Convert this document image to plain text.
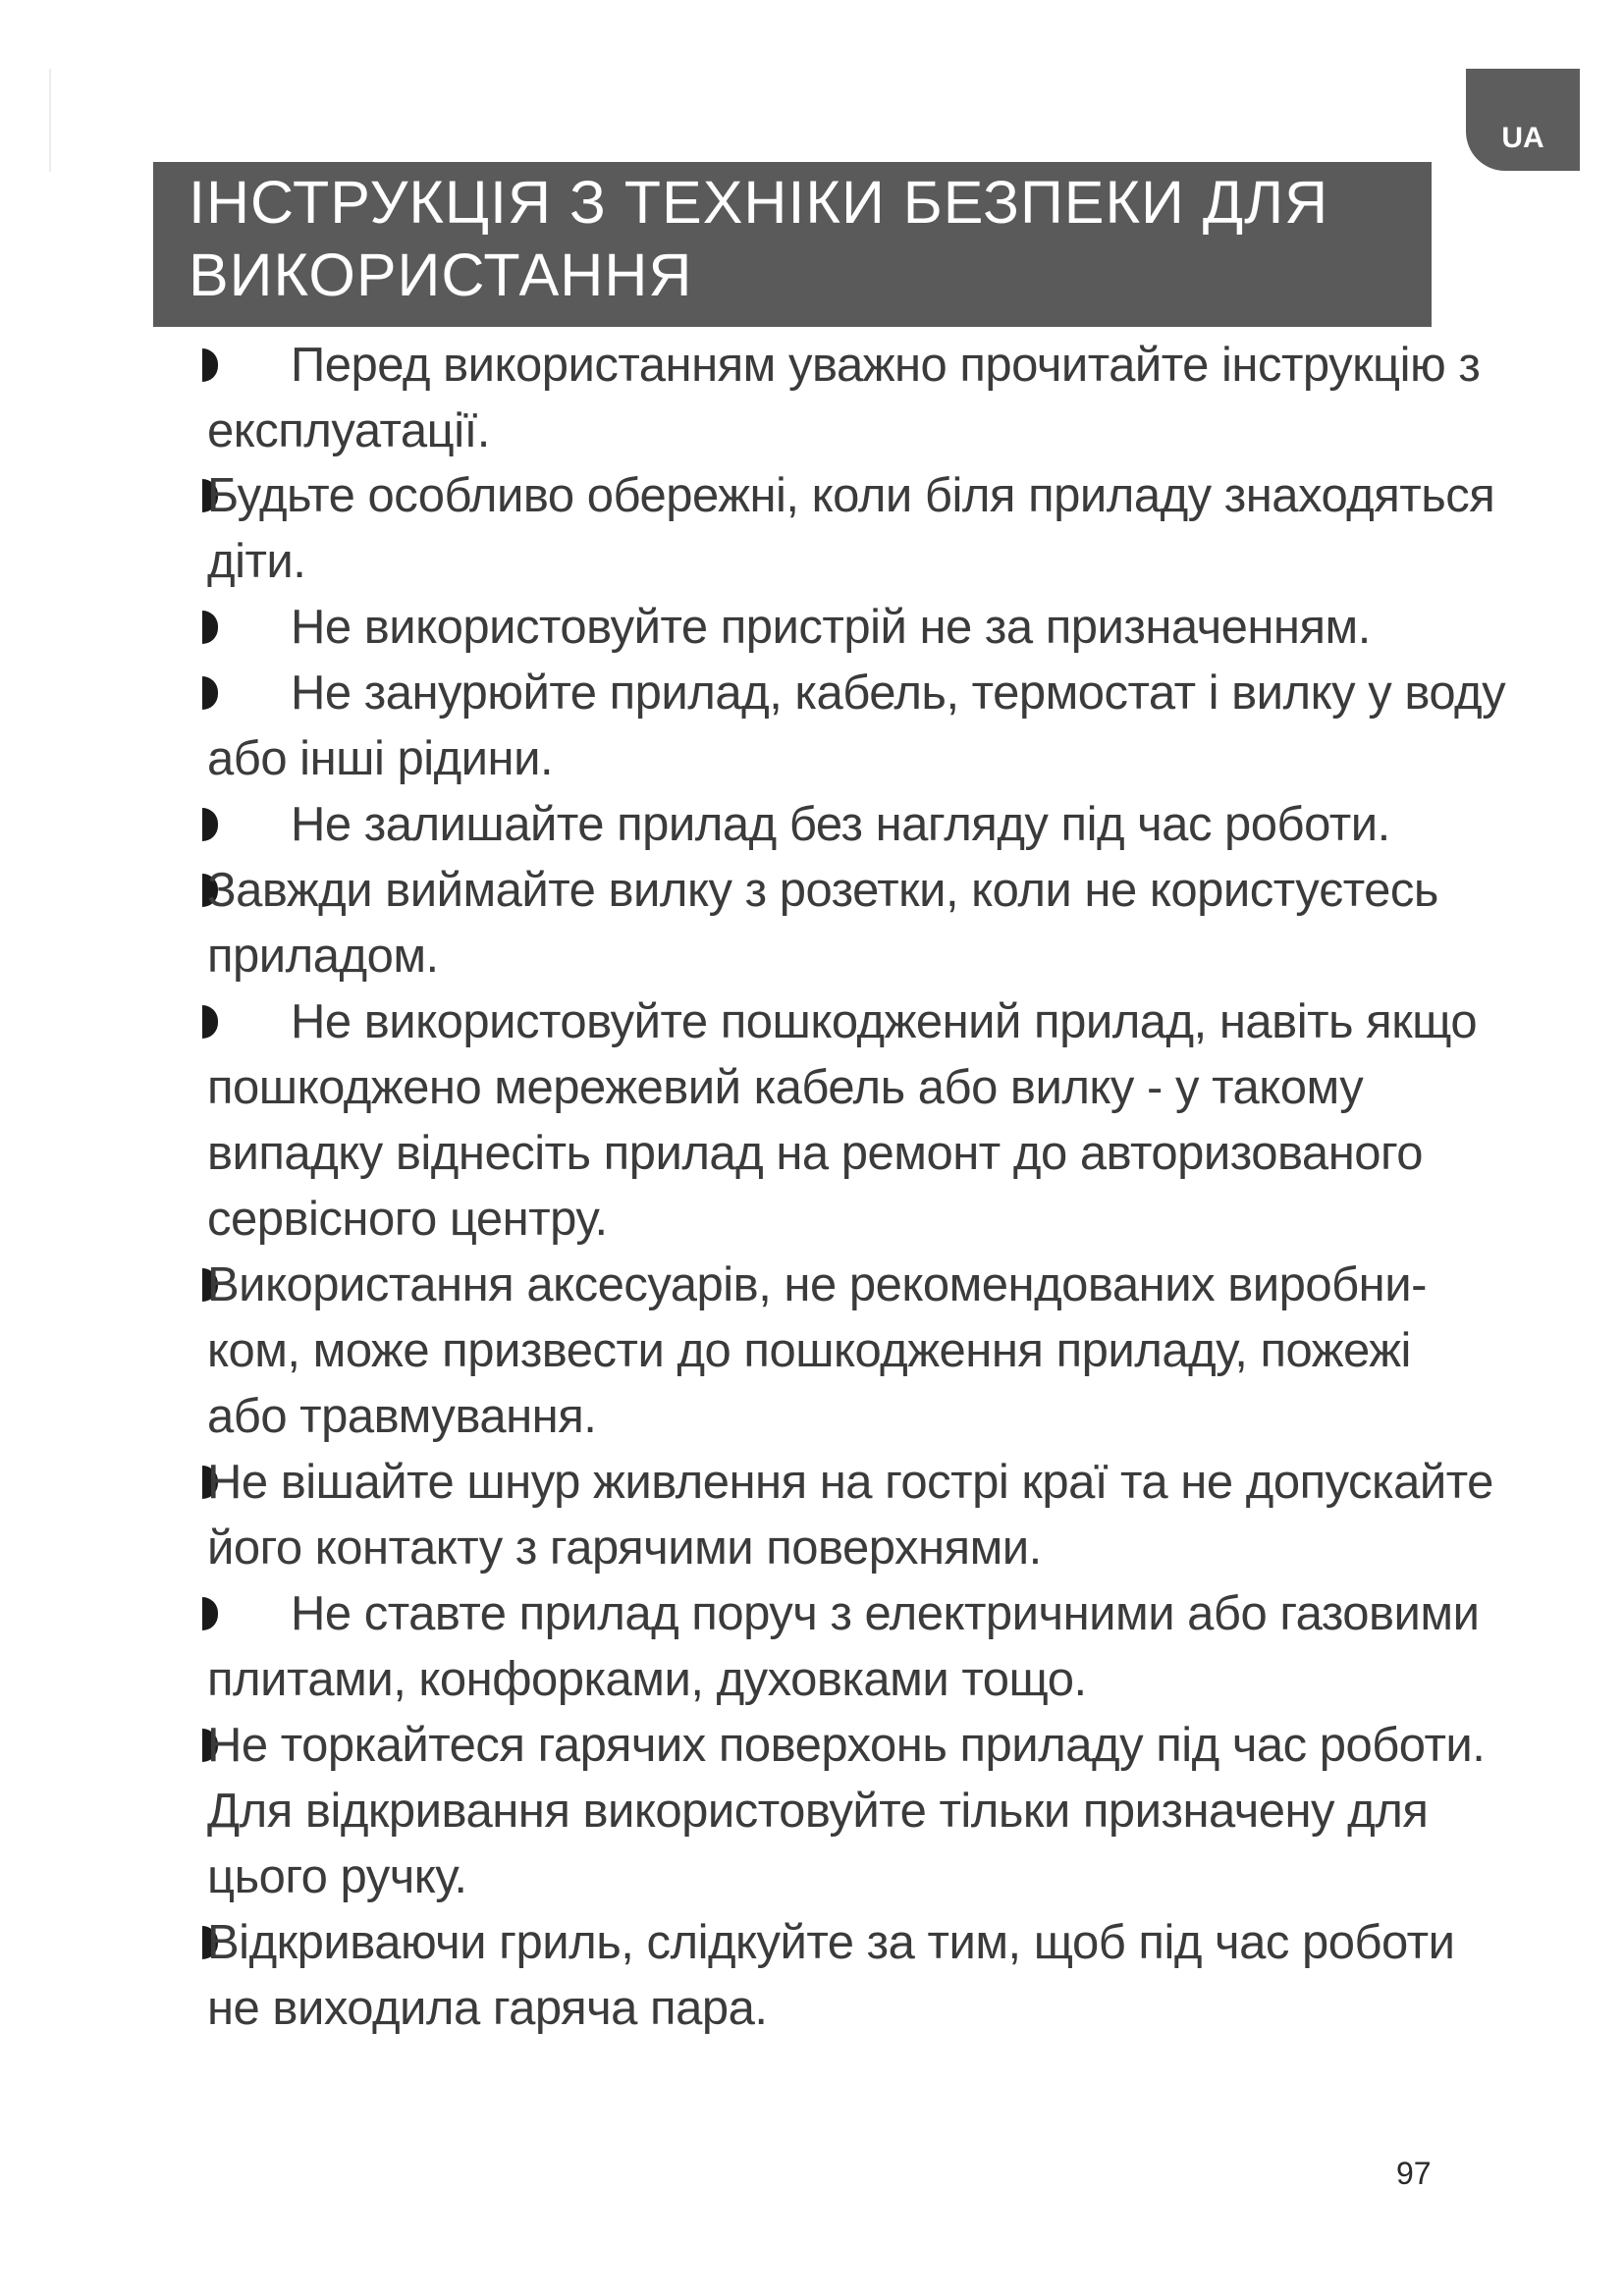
UA
ІНСТРУКЦІЯ З ТЕХНІКИ БЕЗПЕКИ ДЛЯ
ВИКОРИСТАННЯ
Перед використанням уважно прочитайте інструкцію з
експлуатації.
Будьте особливо обережні, коли біля приладу знаходяться
діти.
Не використовуйте пристрій не за призначенням.
Не занурюйте прилад, кабель, термостат і вилку у воду
або інші рідини.
Не залишайте прилад без нагляду під час роботи.
Завжди виймайте вилку з розетки, коли не користуєтесь
приладом.
Не використовуйте пошкоджений прилад, навіть якщо
пошкоджено мережевий кабель або вилку - у такому
випадку віднесіть прилад на ремонт до авторизованого
сервісного центру.
Використання аксесуарів, не рекомендованих виробни-
ком, може призвести до пошкодження приладу, пожежі
або травмування.
Не вішайте шнур живлення на гострі краї та не допускайте
його контакту з гарячими поверхнями.
Не ставте прилад поруч з електричними або газовими
плитами, конфорками, духовками тощо.
Не торкайтеся гарячих поверхонь приладу під час роботи.
Для відкривання використовуйте тільки призначену для
цього ручку.
Відкриваючи гриль, слідкуйте за тим, щоб під час роботи
не виходила гаряча пара.
97
